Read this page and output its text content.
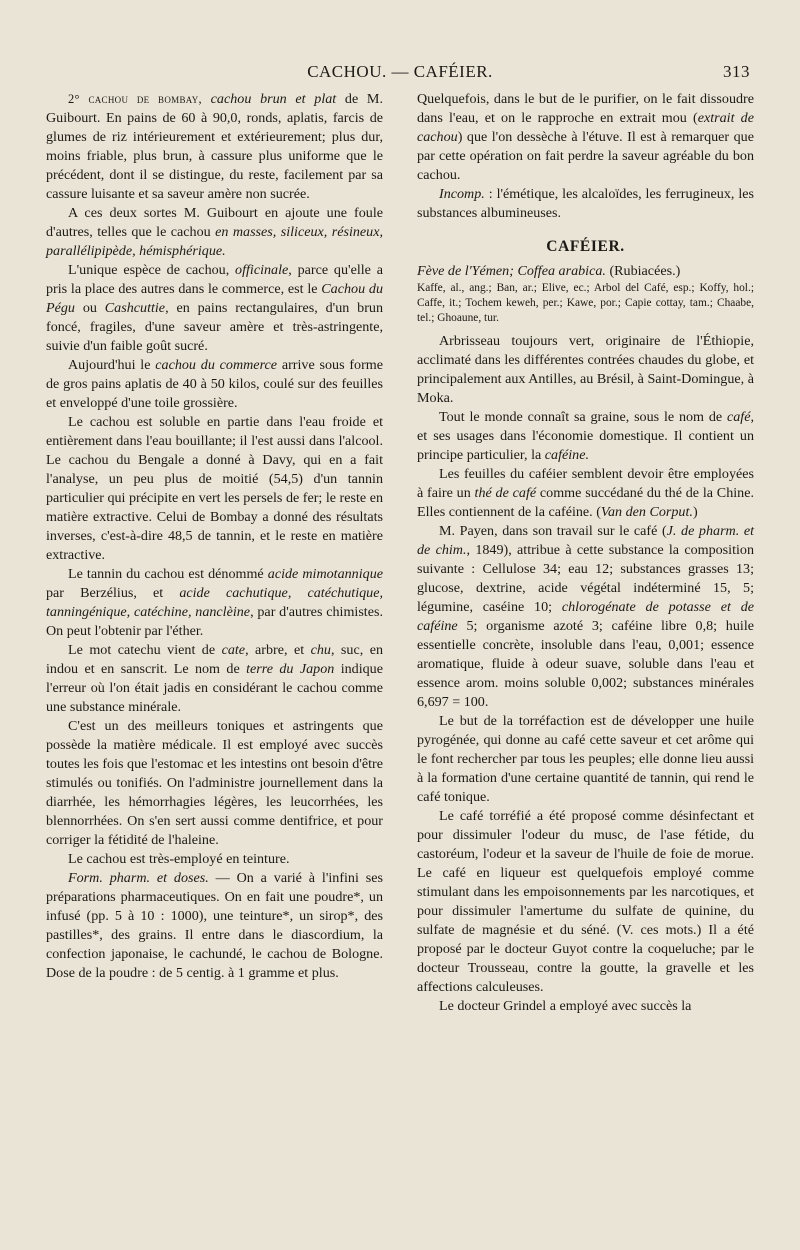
CACHOU. — CAFÉIER.	313

2° cachou de bombay, cachou brun et plat de M. Guibourt. En pains de 60 à 90,0, ronds, aplatis, farcis de glumes de riz intérieurement et extérieurement; plus dur, moins friable, plus brun, à cassure plus uniforme que le précédent, dont il se distingue, du reste, facilement par sa cassure luisante et sa saveur amère non sucrée.

A ces deux sortes M. Guibourt en ajoute une foule d'autres, telles que le cachou en masses, siliceux, résineux, parallélipipède, hémisphérique.

L'unique espèce de cachou, officinale, parce qu'elle a pris la place des autres dans le commerce, est le Cachou du Pégu ou Cashcuttie, en pains rectangulaires, d'un brun foncé, fragiles, d'une saveur amère et très-astringente, suivie d'un faible goût sucré.

Aujourd'hui le cachou du commerce arrive sous forme de gros pains aplatis de 40 à 50 kilos, coulé sur des feuilles et enveloppé d'une toile grossière.

Le cachou est soluble en partie dans l'eau froide et entièrement dans l'eau bouillante; il l'est aussi dans l'alcool. Le cachou du Bengale a donné à Davy, qui en a fait l'analyse, un peu plus de moitié (54,5) d'un tannin particulier qui précipite en vert les persels de fer; le reste en matière extractive. Celui de Bombay a donné des résultats inverses, c'est-à-dire 48,5 de tannin, et le reste en matière extractive.

Le tannin du cachou est dénommé acide mimotannique par Berzélius, et acide cachutique, catéchutique, tanningénique, catéchine, nanclèine, par d'autres chimistes. On peut l'obtenir par l'éther.

Le mot catechu vient de cate, arbre, et chu, suc, en indou et en sanscrit. Le nom de terre du Japon indique l'erreur où l'on était jadis en considérant le cachou comme une substance minérale.

C'est un des meilleurs toniques et astringents que possède la matière médicale. Il est employé avec succès toutes les fois que l'estomac et les intestins ont besoin d'être stimulés ou tonifiés. On l'administre journellement dans la diarrhée, les hémorrhagies légères, les leucorrhées, les blennorrhées. On s'en sert aussi comme dentifrice, et pour corriger la fétidité de l'haleine.

Le cachou est très-employé en teinture.

Form. pharm. et doses. — On a varié à l'infini ses préparations pharmaceutiques. On en fait une poudre*, un infusé (pp. 5 à 10 : 1000), une teinture*, un sirop*, des pastilles*, des grains. Il entre dans le diascordium, la confection japonaise, le cachundé, le cachou de Bologne. Dose de la poudre : de 5 centig. à 1 gramme et plus.

Quelquefois, dans le but de le purifier, on le fait dissoudre dans l'eau, et on le rapproche en extrait mou (extrait de cachou) que l'on dessèche à l'étuve. Il est à remarquer que par cette opération on fait perdre la saveur agréable du bon cachou.

Incomp. : l'émétique, les alcaloïdes, les ferrugineux, les substances albumineuses.

CAFÉIER.

Fève de l'Yémen; Coffea arabica. (Rubiacées.)

Kaffe, al., ang.; Ban, ar.; Elive, ec.; Arbol del Café, esp.; Koffy, hol.; Caffe, it.; Tochem keweh, per.; Kawe, por.; Capie cottay, tam.; Chaabe, tel.; Ghoaune, tur.

Arbrisseau toujours vert, originaire de l'Éthiopie, acclimaté dans les différentes contrées chaudes du globe, et principalement aux Antilles, au Brésil, à Saint-Domingue, à Moka.

Tout le monde connaît sa graine, sous le nom de café, et ses usages dans l'économie domestique. Il contient un principe particulier, la caféine.

Les feuilles du caféier semblent devoir être employées à faire un thé de café comme succédané du thé de la Chine. Elles contiennent de la caféine. (Van den Corput.)

M. Payen, dans son travail sur le café (J. de pharm. et de chim., 1849), attribue à cette substance la composition suivante : Cellulose 34; eau 12; substances grasses 13; glucose, dextrine, acide végétal indéterminé 15, 5; légumine, caséine 10; chlorogénate de potasse et de caféine 5; organisme azoté 3; caféine libre 0,8; huile essentielle concrète, insoluble dans l'eau, 0,001; essence aromatique, fluide à odeur suave, soluble dans l'eau et essence arom. moins soluble 0,002; substances minérales 6,697 = 100.

Le but de la torréfaction est de développer une huile pyrogénée, qui donne au café cette saveur et cet arôme qui le font rechercher par tous les peuples; elle donne lieu aussi à la formation d'une certaine quantité de tannin, qui rend le café tonique.

Le café torréfié a été proposé comme désinfectant et pour dissimuler l'odeur du musc, de l'ase fétide, du castoréum, l'odeur et la saveur de l'huile de foie de morue. Le café en liqueur est quelquefois employé comme stimulant dans les empoisonnements par les narcotiques, et pour dissimuler l'amertume du sulfate de quinine, du sulfate de magnésie et du séné. (V. ces mots.) Il a été proposé par le docteur Guyot contre la coqueluche; par le docteur Trousseau, contre la goutte, la gravelle et les affections calculeuses.

Le docteur Grindel a employé avec succès la
